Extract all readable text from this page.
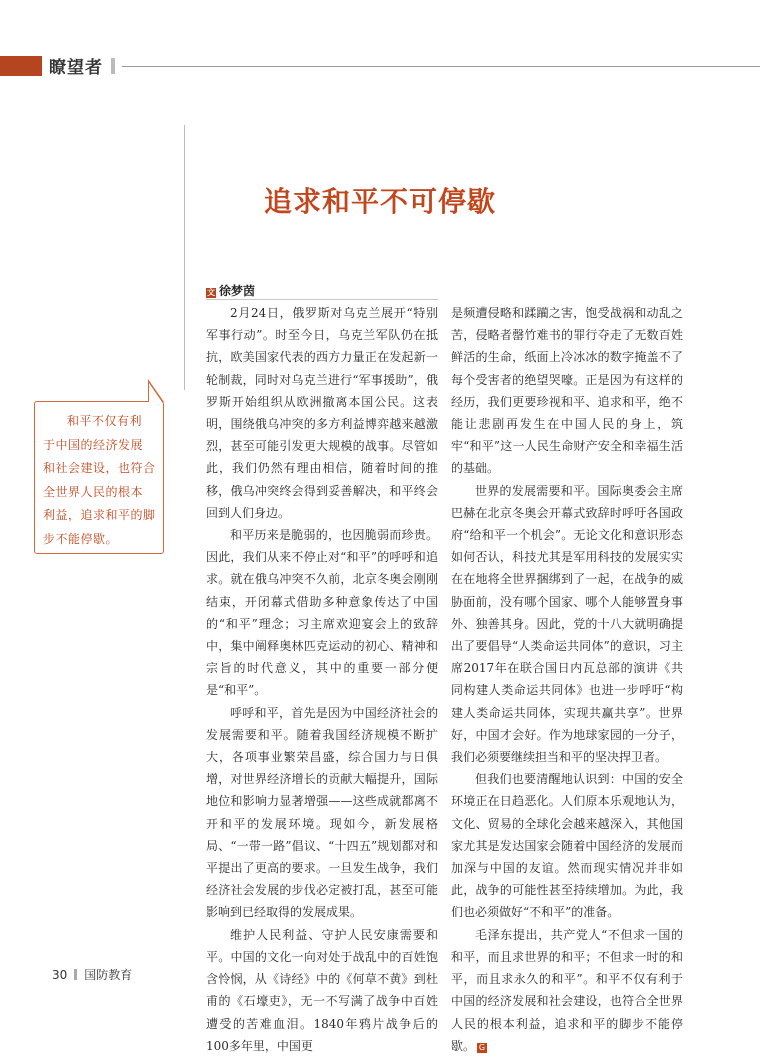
瞭望者
追求和平不可停歇
文 徐梦茵

2月24日，俄罗斯对乌克兰展开“特别军事行动”。时至今日，乌克兰军队仍在抵抗，欧美国家代表的西方力量正在发起新一轮制裁，同时对乌克兰进行“军事援助”，俄罗斯开始组织从欧洲撤离本国公民。这表明，围绕俄乌冲突的多方利益博弈越来越激烈，甚至可能引发更大规模的战事。尽管如此，我们仍然有理由相信，随着时间的推移，俄乌冲突终会得到妥善解决，和平终会回到人们身边。

和平历来是脆弱的，也因脆弱而珍贵。因此，我们从来不停止对“和平”的呼呼和追求。就在俄乌冲突不久前，北京冬奥会刚刚结束，开闭幕式借助多种意象传达了中国的“和平”理念；习主席欢迎宴会上的致辞中，集中阐释奥林匹克运动的初心、精神和宗旨的时代意义，其中的重要一部分便是“和平”。

呼呼和平，首先是因为中国经济社会的发展需要和平。随着我国经济规模不断扩大，各项事业繁荣昌盛，综合国力与日俱增，对世界经济增长的贡献大幅提升，国际地位和影响力显著增强——这些成就都离不开和平的发展环境。现如今，新发展格局、“一带一路”倡议、“十四五”规划都对和平提出了更高的要求。一旦发生战争，我们经济社会发展的步伐必定被打乱，甚至可能影响到已经取得的发展成果。

维护人民利益、守护人民安康需要和平。中国的文化一向对处于战乱中的百姓饱含怜悯，从《诗经》中的《何草不黄》到杜甫的《石壕吏》，无一不写满了战争中百姓遭受的苦难血泪。1840年鸦片战争后的100多年里，中国更

是频遭侵略和蹂躏之害，饱受战祸和动乱之苦，侵略者罄竹难书的罪行夺走了无数百姓鲜活的生命，纸面上冷冰冰的数字掩盖不了每个受害者的绝望哭嚎。正是因为有这样的经历，我们更要珍视和平、追求和平，绝不能让悲剧再发生在中国人民的身上，筑牢“和平”这一人民生命财产安全和幸福生活的基础。

世界的发展需要和平。国际奥委会主席巴赫在北京冬奥会开幕式致辞时呼吁各国政府“给和平一个机会”。无论文化和意识形态如何否认，科技尤其是军用科技的发展实实在在地将全世界捆绑到了一起，在战争的威胁面前，没有哪个国家、哪个人能够置身事外、独善其身。因此，党的十八大就明确提出了要倡导“人类命运共同体”的意识，习主席2017年在联合国日内瓦总部的演讲《共同构建人类命运共同体》也进一步呼吁“构建人类命运共同体，实现共赢共享”。世界好，中国才会好。作为地球家园的一分子，我们必须要继续担当和平的坚决捍卫者。

但我们也要清醒地认识到：中国的安全环境正在日趋恶化。人们原本乐观地认为，文化、贸易的全球化会越来越深入，其他国家尤其是发达国家会随着中国经济的发展而加深与中国的友谊。然而现实情况并非如此，战争的可能性甚至持续增加。为此，我们也必须做好“不和平”的准备。

毛泽东提出，共产党人“不但求一国的和平，而且求世界的和平；不但求一时的和平，而且求永久的和平”。和平不仅有利于中国的经济发展和社会建设，也符合全世界人民的根本利益，追求和平的脚步不能停歇。 G

和平不仅有利
于中国的经济发展
和社会建设，也符合
全世界人民的根本
利益，追求和平的脚
步不能停歇。
30 国防教育
